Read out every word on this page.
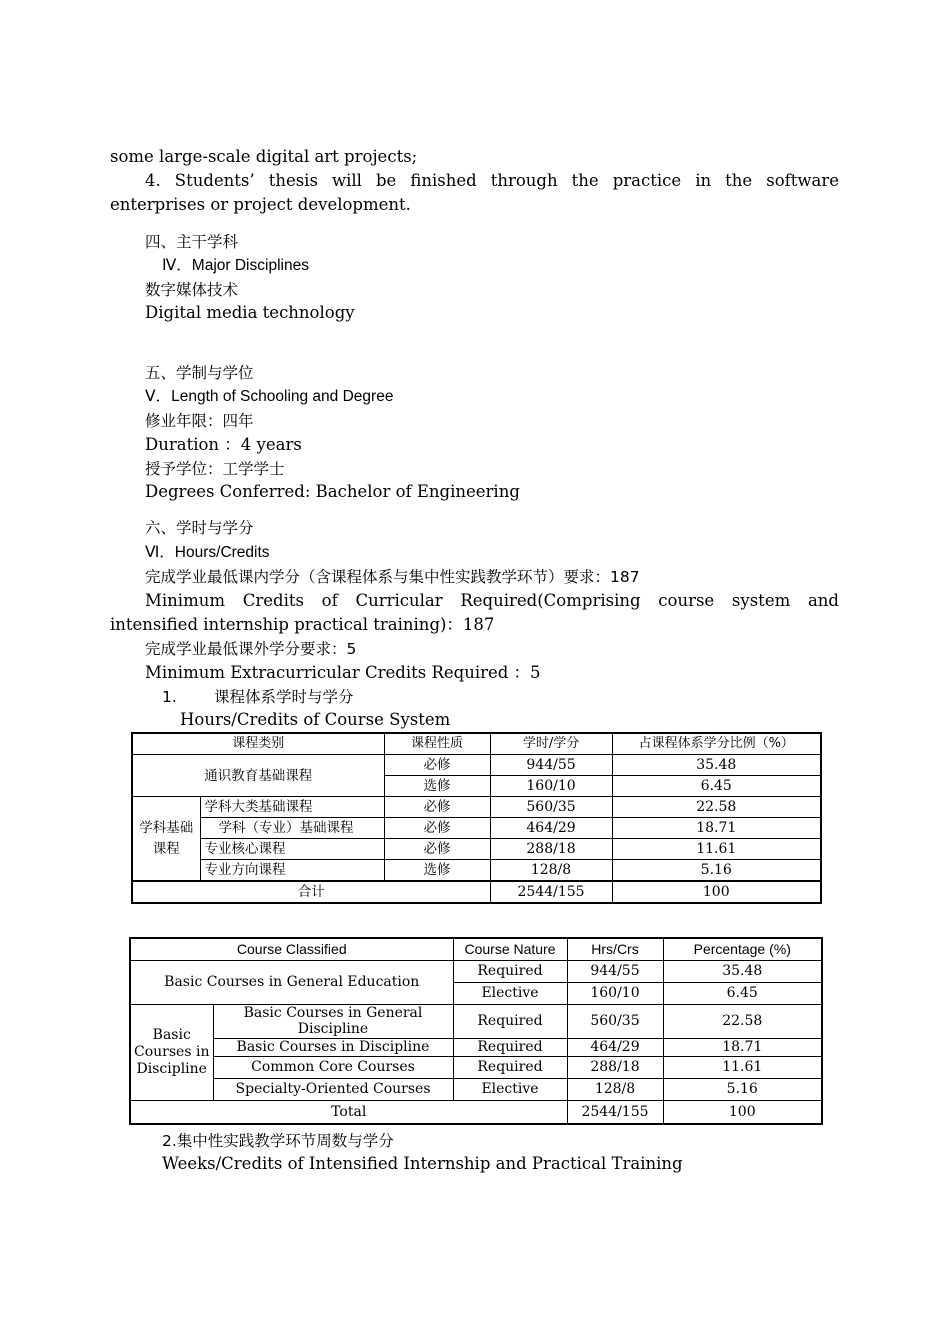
some large-scale digital art projects;
4. Students’ thesis will be finished through the practice in the software enterprises or project development.
四、主干学科
Ⅳ．Major Disciplines
数字媒体技术
Digital media technology
五、学制与学位
Ⅴ．Length of Schooling and Degree
修业年限：四年
Duration ：4 years
授予学位：工学学士
Degrees Conferred: Bachelor of Engineering
六、学时与学分
Ⅵ．Hours/Credits
完成学业最低课内学分（含课程体系与集中性实践教学环节）要求：187
Minimum Credits of Curricular Required(Comprising course system and intensified internship practical training)：187
完成学业最低课外学分要求：5
Minimum Extracurricular Credits Required ：5
1. 课程体系学时与学分
Hours/Credits of Course System
课程类别		课程性质	学时/学分	占课程体系学分比例（%）
通识教育基础课程		必修	944/55	35.48
		选修	160/10	6.45
学科基础课程	学科大类基础课程	必修	560/35	22.58
	学科（专业）基础课程	必修	464/29	18.71
	专业核心课程	必修	288/18	11.61
	专业方向课程	选修	128/8	5.16
合计			2544/155	100
Course Classified		Course Nature	Hrs/Crs	Percentage (%)
Basic Courses in General Education		Required	944/55	35.48
		Elective	160/10	6.45
Basic Courses in Discipline	Basic Courses in General Discipline	Required	560/35	22.58
	Basic Courses in Discipline	Required	464/29	18.71
	Common Core Courses	Required	288/18	11.61
	Specialty-Oriented Courses	Elective	128/8	5.16
Total			2544/155	100
2.集中性实践教学环节周数与学分
Weeks/Credits of Intensified Internship and Practical Training
